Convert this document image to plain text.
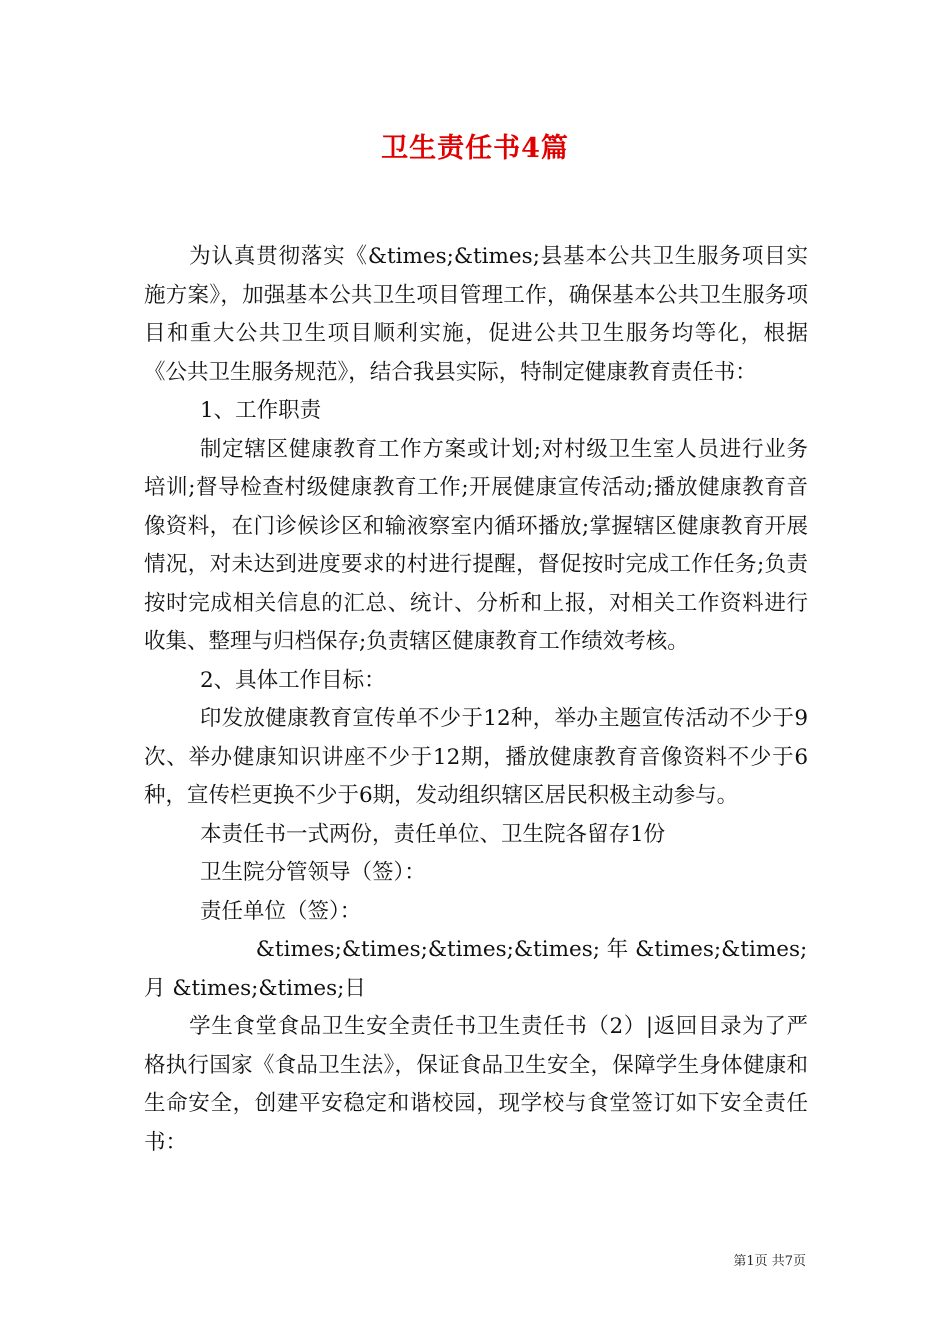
卫生责任书4篇

为认真贯彻落实《&times;&times;县基本公共卫生服务项目实施方案》，加强基本公共卫生项目管理工作，确保基本公共卫生服务项目和重大公共卫生项目顺利实施，促进公共卫生服务均等化，根据《公共卫生服务规范》，结合我县实际，特制定健康教育责任书：

1、工作职责

制定辖区健康教育工作方案或计划;对村级卫生室人员进行业务培训;督导检查村级健康教育工作;开展健康宣传活动;播放健康教育音像资料，在门诊候诊区和输液察室内循环播放;掌握辖区健康教育开展情况，对未达到进度要求的村进行提醒，督促按时完成工作任务;负责按时完成相关信息的汇总、统计、分析和上报，对相关工作资料进行收集、整理与归档保存;负责辖区健康教育工作绩效考核。

2、具体工作目标：

印发放健康教育宣传单不少于12种，举办主题宣传活动不少于9次、举办健康知识讲座不少于12期，播放健康教育音像资料不少于6种，宣传栏更换不少于6期，发动组织辖区居民积极主动参与。

本责任书一式两份，责任单位、卫生院各留存1份

卫生院分管领导（签）：

责任单位（签）：

&times;&times;&times;&times; 年 &times;&times; 月 &times;&times;日

学生食堂食品卫生安全责任书卫生责任书（2）|返回目录为了严格执行国家《食品卫生法》，保证食品卫生安全，保障学生身体健康和生命安全，创建平安稳定和谐校园，现学校与食堂签订如下安全责任书：

第1页 共7页
